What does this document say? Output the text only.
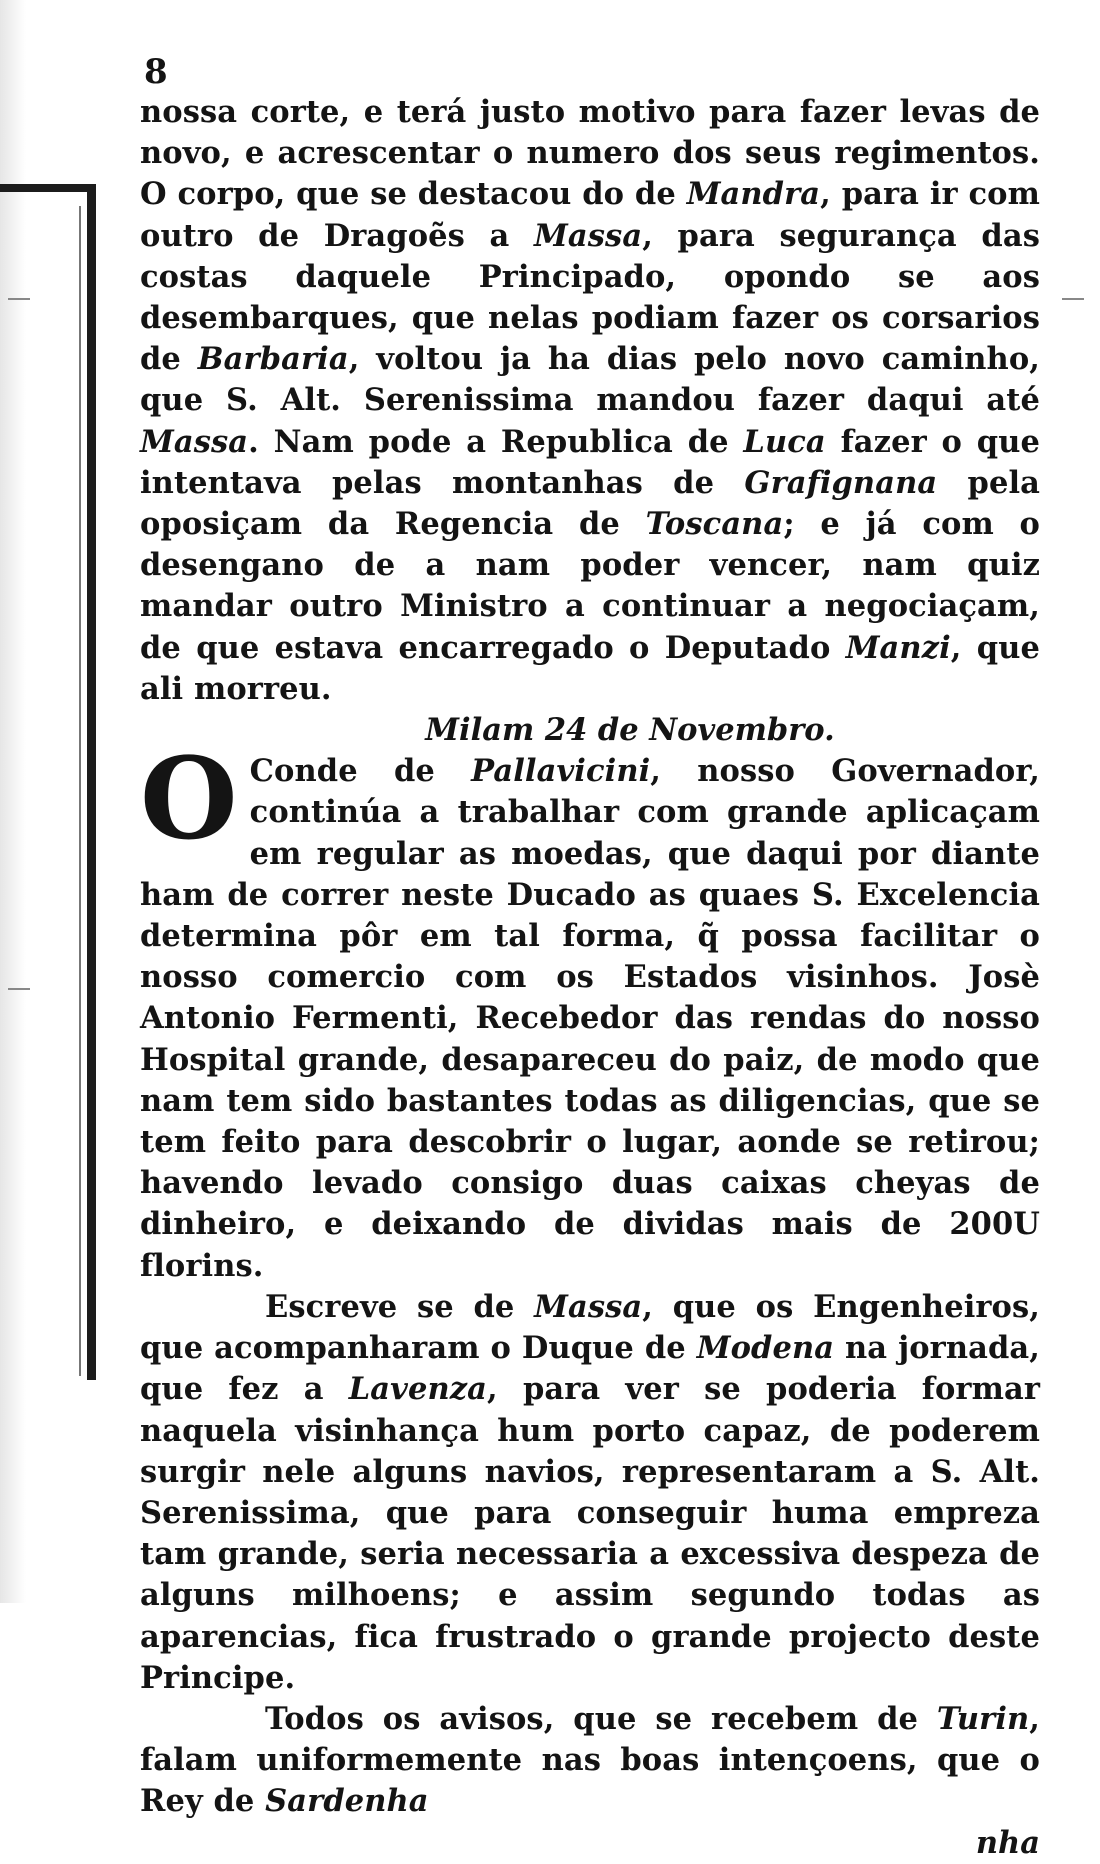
8

nossa corte, e terá justo motivo para fazer levas de novo, e acrescentar o numero dos seus regimentos. O corpo, que se destacou do de Mandra, para ir com outro de Dragoẽs a Massa, para segurança das costas daquele Principado, opondo se aos desembarques, que nelas podiam fazer os corsarios de Barbaria, voltou ja ha dias pelo novo caminho, que S. Alt. Serenissima mandou fazer daqui até Massa. Nam pode a Republica de Luca fazer o que intentava pelas montanhas de Grafignana pela oposiçam da Regencia de Toscana; e já com o desengano de a nam poder vencer, nam quiz mandar outro Ministro a continuar a negociaçam, de que estava encarregado o Deputado Manzi, que ali morreu.

Milam 24 de Novembro.

O Conde de Pallavicini, nosso Governador, continúa a trabalhar com grande aplicaçam em regular as moedas, que daqui por diante ham de correr neste Ducado as quaes S. Excelencia determina pôr em tal forma, q̃ possa facilitar o nosso comercio com os Estados visinhos. Josè Antonio Fermenti, Recebedor das rendas do nosso Hospital grande, desapareceu do paiz, de modo que nam tem sido bastantes todas as diligencias, que se tem feito para descobrir o lugar, aonde se retirou; havendo levado consigo duas caixas cheyas de dinheiro, e deixando de dividas mais de 200U florins.

Escreve se de Massa, que os Engenheiros, que acompanharam o Duque de Modena na jornada, que fez a Lavenza, para ver se poderia formar naquela visinhança hum porto capaz, de poderem surgir nele alguns navios, representaram a S. Alt. Serenissima, que para conseguir huma empreza tam grande, seria necessaria a excessiva despeza de alguns milhoens; e assim segundo todas as aparencias, fica frustrado o grande projecto deste Principe.

Todos os avisos, que se recebem de Turin, falam uniformemente nas boas intençoens, que o Rey de Sardenha

nha
